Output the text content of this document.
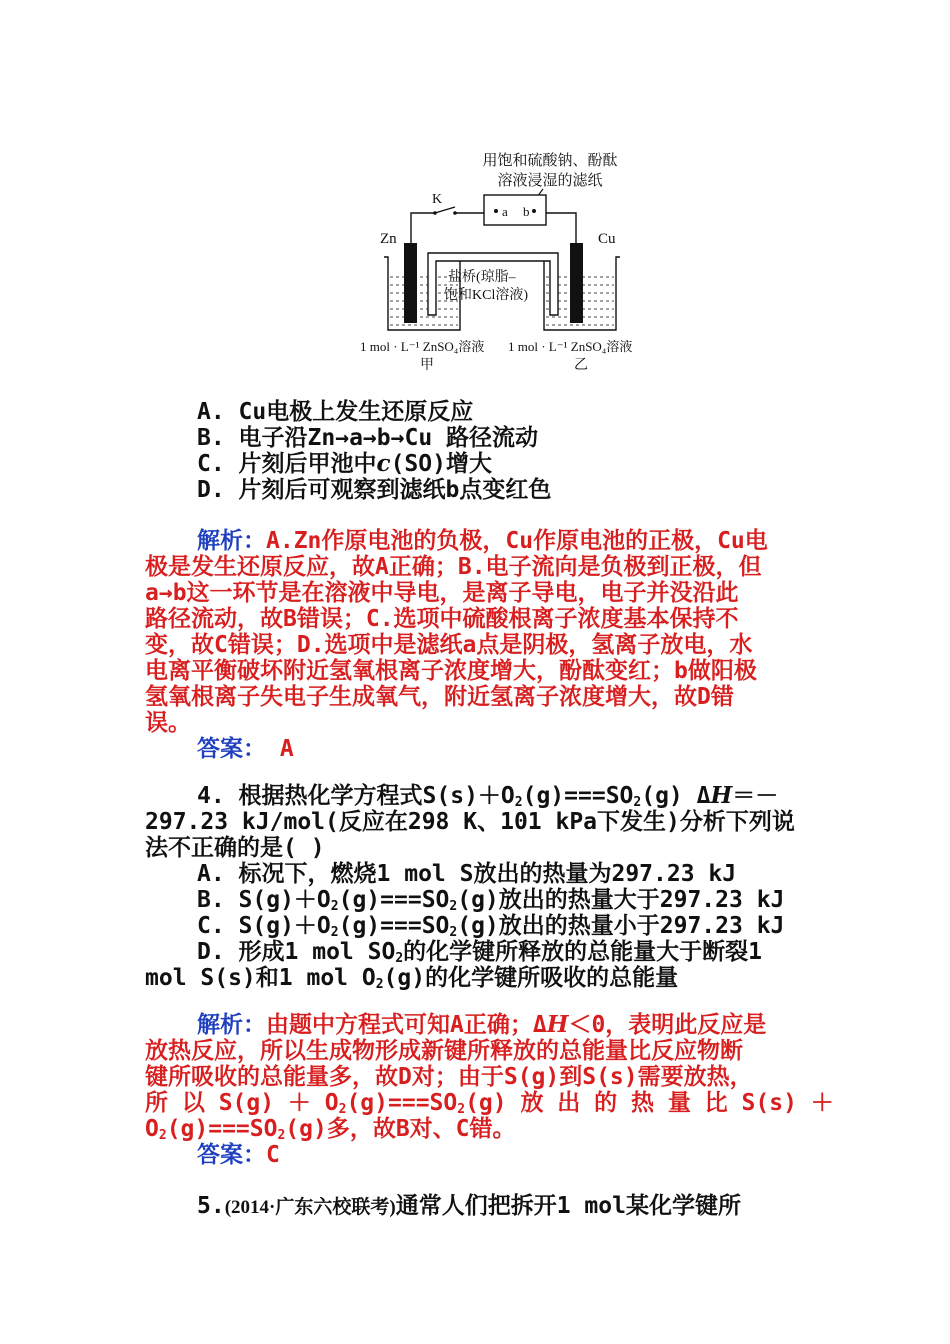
用饱和硫酸钠、酚酞
溶液浸湿的滤纸
a b
K
Zn	Cu
盐桥(琼脂–
饱和KCl溶液)
1 mol · L⁻¹ ZnSO₄溶液 1 mol · L⁻¹ ZnSO₄溶液
甲	乙
A. Cu电极上发生还原反应
B. 电子沿Zn→a→b→Cu 路径流动
C. 片刻后甲池中c(SO)增大
D. 片刻后可观察到滤纸b点变红色
解析：A.Zn作原电池的负极，Cu作原电池的正极，Cu电
极是发生还原反应，故A正确；B.电子流向是负极到正极，但
a→b这一环节是在溶液中导电，是离子导电，电子并没沿此
路径流动，故B错误；C.选项中硫酸根离子浓度基本保持不
变，故C错误；D.选项中是滤纸a点是阴极，氢离子放电，水
电离平衡破坏附近氢氧根离子浓度增大，酚酞变红；b做阳极
氢氧根离子失电子生成氧气，附近氢离子浓度增大，故D错
误。
答案： A
4. 根据热化学方程式$S(s)+O_2(g)===SO_2(g)$ ΔH＝－
297.23 kJ/mol(反应在298 K、101 kPa下发生)分析下列说
法不正确的是( )
A. 标况下，燃烧1 mol S放出的热量为297.23 kJ
B. $S(g)+O_2(g)===SO_2(g)$放出的热量大于297.23 kJ
C. $S(g)+O_2(g)===SO_2(g)$放出的热量小于297.23 kJ
D. 形成1 mol $SO_2$的化学键所释放的总能量大于断裂1
mol S(s)和1 mol $O_2(g)$的化学键所吸收的总能量
解析：由题中方程式可知A正确；ΔH＜0，表明此反应是
放热反应，所以生成物形成新键所释放的总能量比反应物断
键所吸收的总能量多，故D对；由于S(g)到S(s)需要放热，
所 以 $S(g) + O_2(g)===SO_2(g)$ 放 出 的 热 量 比 S(s) ＋
$O_2(g)===SO_2(g)$多，故B对、C错。
答案：C
5.(2014·广东六校联考)通常人们把拆开1 mol某化学键所
